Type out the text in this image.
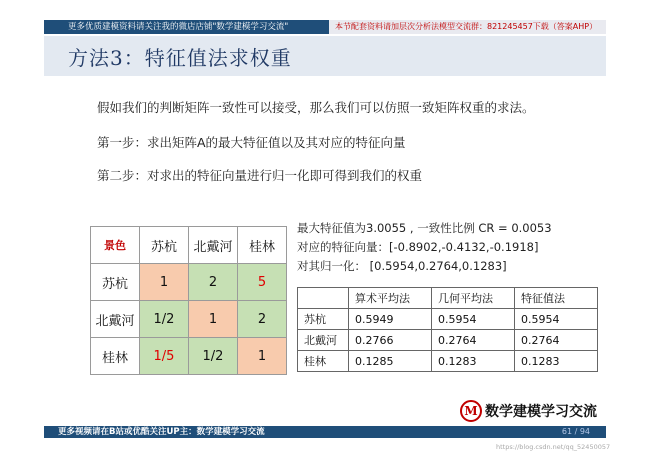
更多优质建模资料请关注我的微店店铺"数学建模学习交流"	本节配套资料请加层次分析法模型交流群：821245457下载（答案AHP）
方法3：特征值法求权重
假如我们的判断矩阵一致性可以接受，那么我们可以仿照一致矩阵权重的求法。
第一步：求出矩阵A的最大特征值以及其对应的特征向量
第二步：对求出的特征向量进行归一化即可得到我们的权重
景色	苏杭	北戴河	桂林
苏杭	1	2	5
北戴河	1/2	1	2
桂林	1/5	1/2	1
最大特征值为3.0055 , 一致性比例 CR = 0.0053
对应的特征向量：[-0.8902,-0.4132,-0.1918]
对其归一化： [0.5954,0.2764,0.1283]
	算术平均法	几何平均法	特征值法
苏杭	0.5949	0.5954	0.5954
北戴河	0.2766	0.2764	0.2764
桂林	0.1285	0.1283	0.1283
M 数学建模学习交流
更多视频请在B站或优酷关注UP主：数学建模学习交流	61 / 94
https://blog.csdn.net/qq_52450057
